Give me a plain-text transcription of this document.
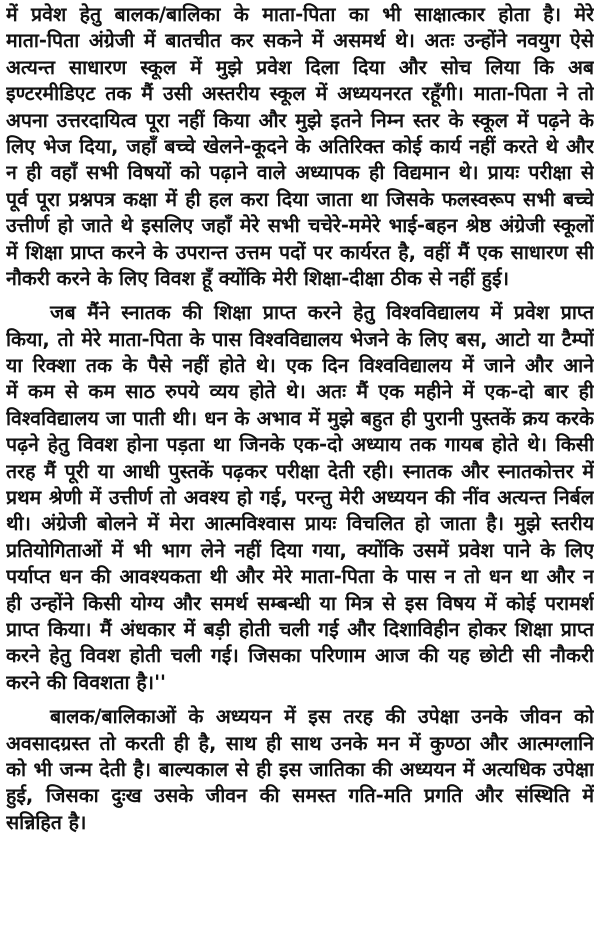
में प्रवेश हेतु बालक/बालिका के माता-पिता का भी साक्षात्कार होता है। मेरे
माता-पिता अंग्रेजी में बातचीत कर सकने में असमर्थ थे। अतः उन्होंने नवयुग ऐसे
अत्यन्त साधारण स्कूल में मुझे प्रवेश दिला दिया और सोच लिया कि अब
इण्टरमीडिएट तक मैं उसी अस्तरीय स्कूल में अध्ययनरत रहूँगी। माता-पिता ने तो
अपना उत्तरदायित्व पूरा नहीं किया और मुझे इतने निम्न स्तर के स्कूल में पढ़ने के
लिए भेज दिया, जहाँ बच्चे खेलने-कूदने के अतिरिक्त कोई कार्य नहीं करते थे और
न ही वहाँ सभी विषयों को पढ़ाने वाले अध्यापक ही विद्यमान थे। प्रायः परीक्षा से
पूर्व पूरा प्रश्नपत्र कक्षा में ही हल करा दिया जाता था जिसके फलस्वरूप सभी बच्चे
उत्तीर्ण हो जाते थे इसलिए जहाँ मेरे सभी चचेरे-ममेरे भाई-बहन श्रेष्ठ अंग्रेजी स्कूलों
में शिक्षा प्राप्त करने के उपरान्त उत्तम पदों पर कार्यरत है, वहीं मैं एक साधारण सी
नौकरी करने के लिए विवश हूँ क्योंकि मेरी शिक्षा-दीक्षा ठीक से नहीं हुई।
जब मैंने स्नातक की शिक्षा प्राप्त करने हेतु विश्वविद्यालय में प्रवेश प्राप्त
किया, तो मेरे माता-पिता के पास विश्वविद्यालय भेजने के लिए बस, आटो या टैम्पों
या रिक्शा तक के पैसे नहीं होते थे। एक दिन विश्वविद्यालय में जाने और आने
में कम से कम साठ रुपये व्यय होते थे। अतः मैं एक महीने में एक-दो बार ही
विश्वविद्यालय जा पाती थी। धन के अभाव में मुझे बहुत ही पुरानी पुस्तकें क्रय करके
पढ़ने हेतु विवश होना पड़ता था जिनके एक-दो अध्याय तक गायब होते थे। किसी
तरह मैं पूरी या आधी पुस्तकें पढ़कर परीक्षा देती रही। स्नातक और स्नातकोत्तर में
प्रथम श्रेणी में उत्तीर्ण तो अवश्य हो गई, परन्तु मेरी अध्ययन की नींव अत्यन्त निर्बल
थी। अंग्रेजी बोलने में मेरा आत्मविश्वास प्रायः विचलित हो जाता है। मुझे स्तरीय
प्रतियोगिताओं में भी भाग लेने नहीं दिया गया, क्योंकि उसमें प्रवेश पाने के लिए
पर्याप्त धन की आवश्यकता थी और मेरे माता-पिता के पास न तो धन था और न
ही उन्होंने किसी योग्य और समर्थ सम्बन्धी या मित्र से इस विषय में कोई परामर्श
प्राप्त किया। मैं अंधकार में बड़ी होती चली गई और दिशाविहीन होकर शिक्षा प्राप्त
करने हेतु विवश होती चली गई। जिसका परिणाम आज की यह छोटी सी नौकरी
करने की विवशता है।''
बालक/बालिकाओं के अध्ययन में इस तरह की उपेक्षा उनके जीवन को
अवसादग्रस्त तो करती ही है, साथ ही साथ उनके मन में कुण्ठा और आत्मग्लानि
को भी जन्म देती है। बाल्यकाल से ही इस जातिका की अध्ययन में अत्यधिक उपेक्षा
हुई, जिसका दुःख उसके जीवन की समस्त गति-मति प्रगति और संस्थिति में
सन्निहित है।
